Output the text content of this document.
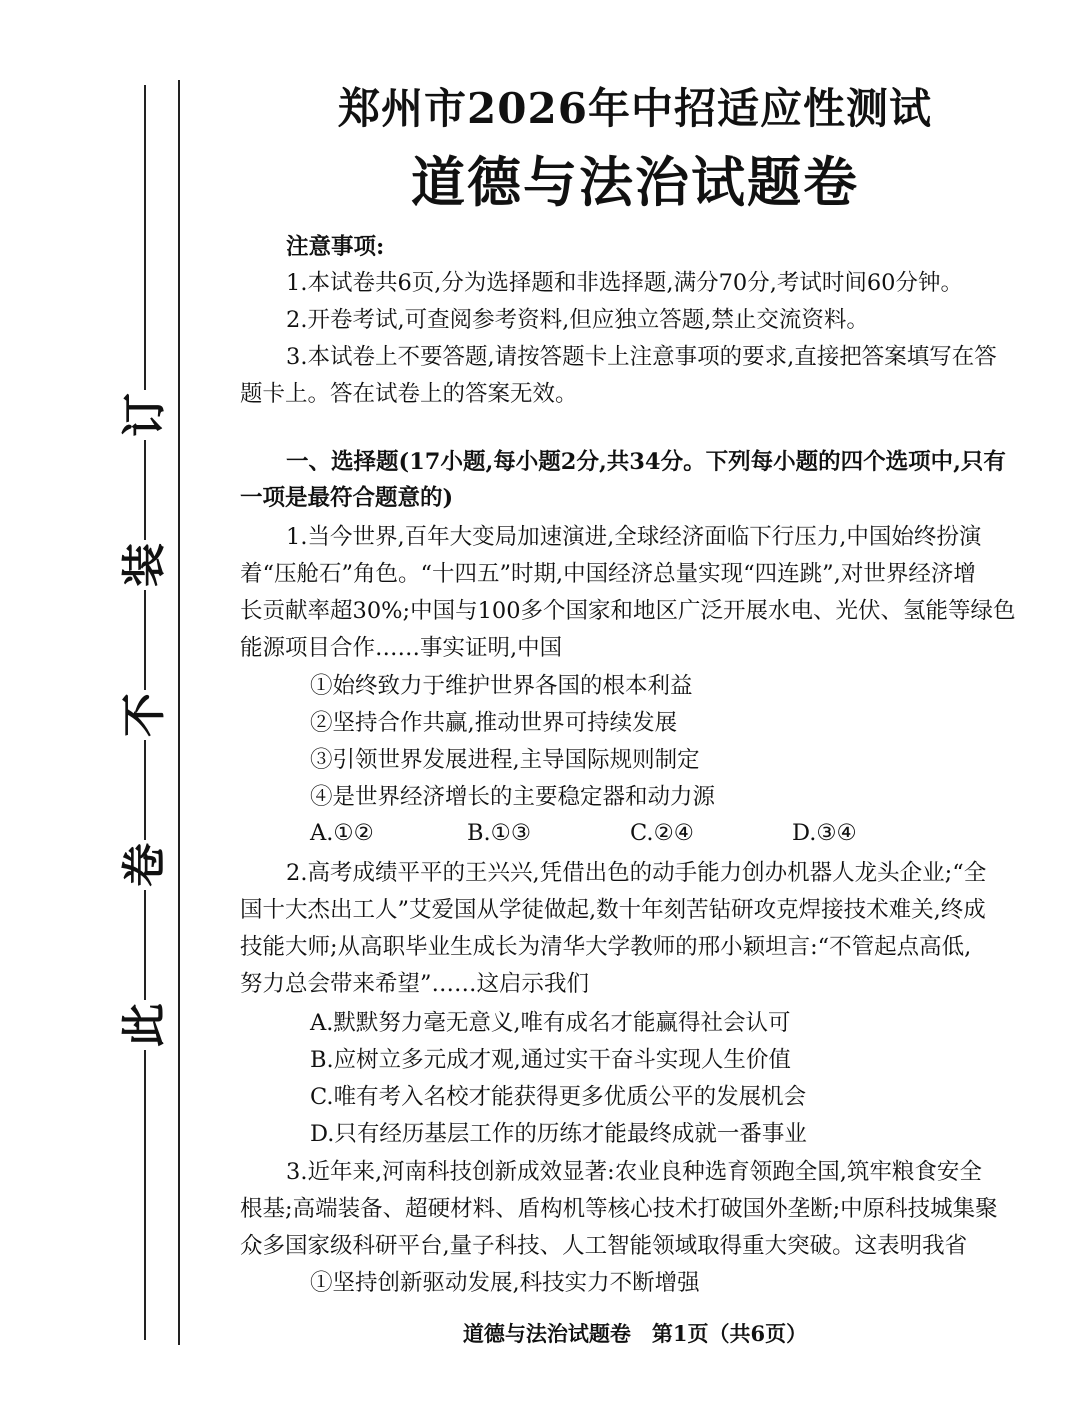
此
卷
不
装
订
郑州市2026年中招适应性测试
道德与法治试题卷
注意事项:
1.本试卷共6页,分为选择题和非选择题,满分70分,考试时间60分钟。
2.开卷考试,可查阅参考资料,但应独立答题,禁止交流资料。
3.本试卷上不要答题,请按答题卡上注意事项的要求,直接把答案填写在答
题卡上。答在试卷上的答案无效。
一、选择题(17小题,每小题2分,共34分。下列每小题的四个选项中,只有
一项是最符合题意的)
1.当今世界,百年大变局加速演进,全球经济面临下行压力,中国始终扮演
着“压舱石”角色。“十四五”时期,中国经济总量实现“四连跳”,对世界经济增
长贡献率超30%;中国与100多个国家和地区广泛开展水电、光伏、氢能等绿色
能源项目合作……事实证明,中国
①始终致力于维护世界各国的根本利益
②坚持合作共赢,推动世界可持续发展
③引领世界发展进程,主导国际规则制定
④是世界经济增长的主要稳定器和动力源
A.①②	B.①③	C.②④	D.③④
2.高考成绩平平的王兴兴,凭借出色的动手能力创办机器人龙头企业;“全
国十大杰出工人”艾爱国从学徒做起,数十年刻苦钻研攻克焊接技术难关,终成
技能大师;从高职毕业生成长为清华大学教师的邢小颖坦言:“不管起点高低,
努力总会带来希望”……这启示我们
A.默默努力毫无意义,唯有成名才能赢得社会认可
B.应树立多元成才观,通过实干奋斗实现人生价值
C.唯有考入名校才能获得更多优质公平的发展机会
D.只有经历基层工作的历练才能最终成就一番事业
3.近年来,河南科技创新成效显著:农业良种选育领跑全国,筑牢粮食安全
根基;高端装备、超硬材料、盾构机等核心技术打破国外垄断;中原科技城集聚
众多国家级科研平台,量子科技、人工智能领域取得重大突破。这表明我省
①坚持创新驱动发展,科技实力不断增强
道德与法治试题卷　第1页（共6页）
